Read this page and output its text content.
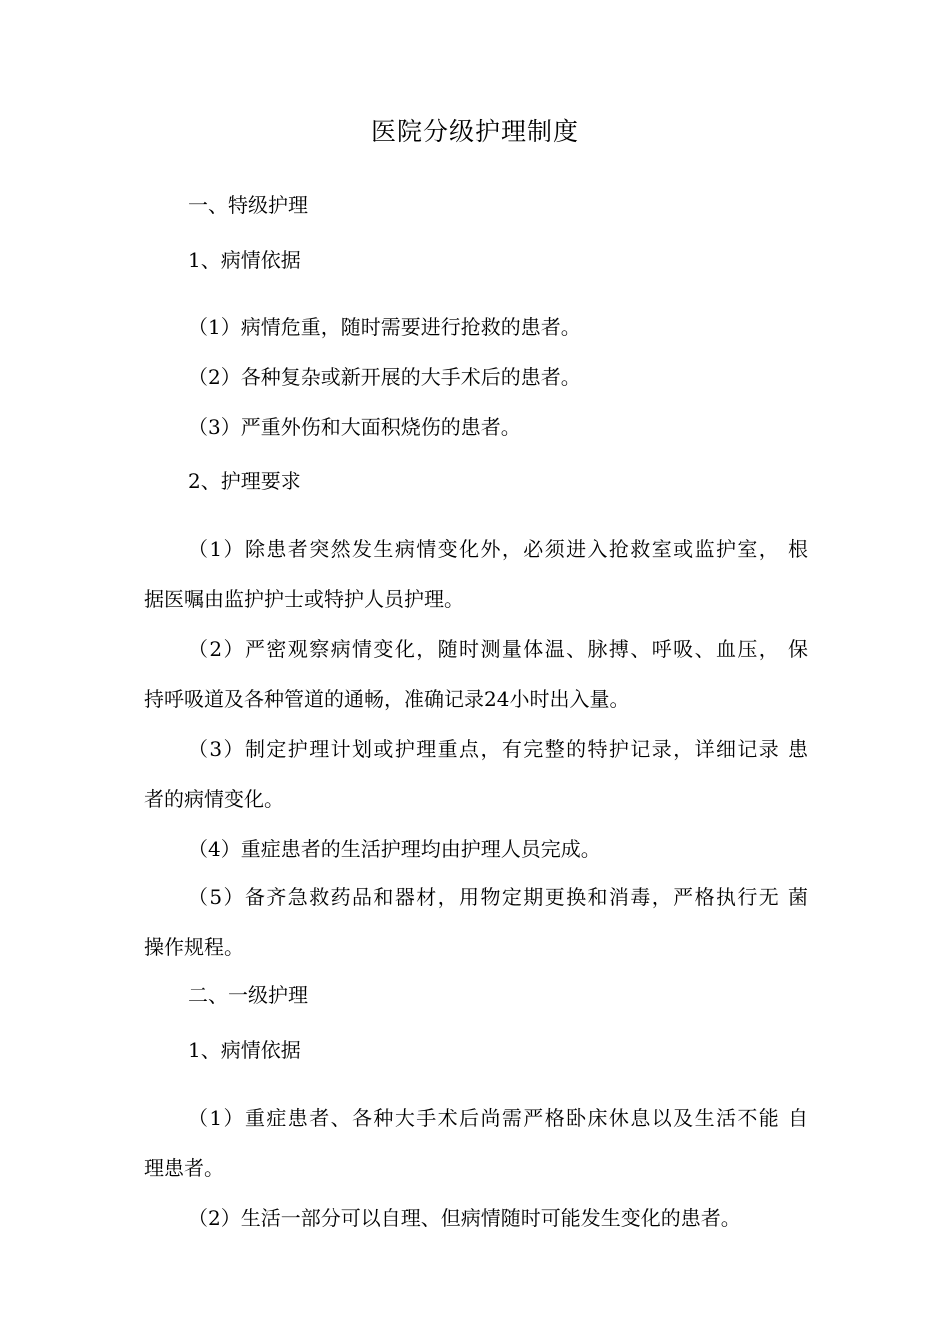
医院分级护理制度
一、特级护理
1、病情依据
（1）病情危重，随时需要进行抢救的患者。
（2）各种复杂或新开展的大手术后的患者。
（3）严重外伤和大面积烧伤的患者。
2、护理要求
（1）除患者突然发生病情变化外，必须进入抢救室或监护室， 根
据医嘱由监护护士或特护人员护理。
（2）严密观察病情变化，随时测量体温、脉搏、呼吸、血压， 保
持呼吸道及各种管道的通畅，准确记录24小时出入量。
（3）制定护理计划或护理重点，有完整的特护记录，详细记录 患
者的病情变化。
（4）重症患者的生活护理均由护理人员完成。
（5）备齐急救药品和器材，用物定期更换和消毒，严格执行无 菌
操作规程。
二、一级护理
1、病情依据
（1）重症患者、各种大手术后尚需严格卧床休息以及生活不能 自
理患者。
（2）生活一部分可以自理、但病情随时可能发生变化的患者。
